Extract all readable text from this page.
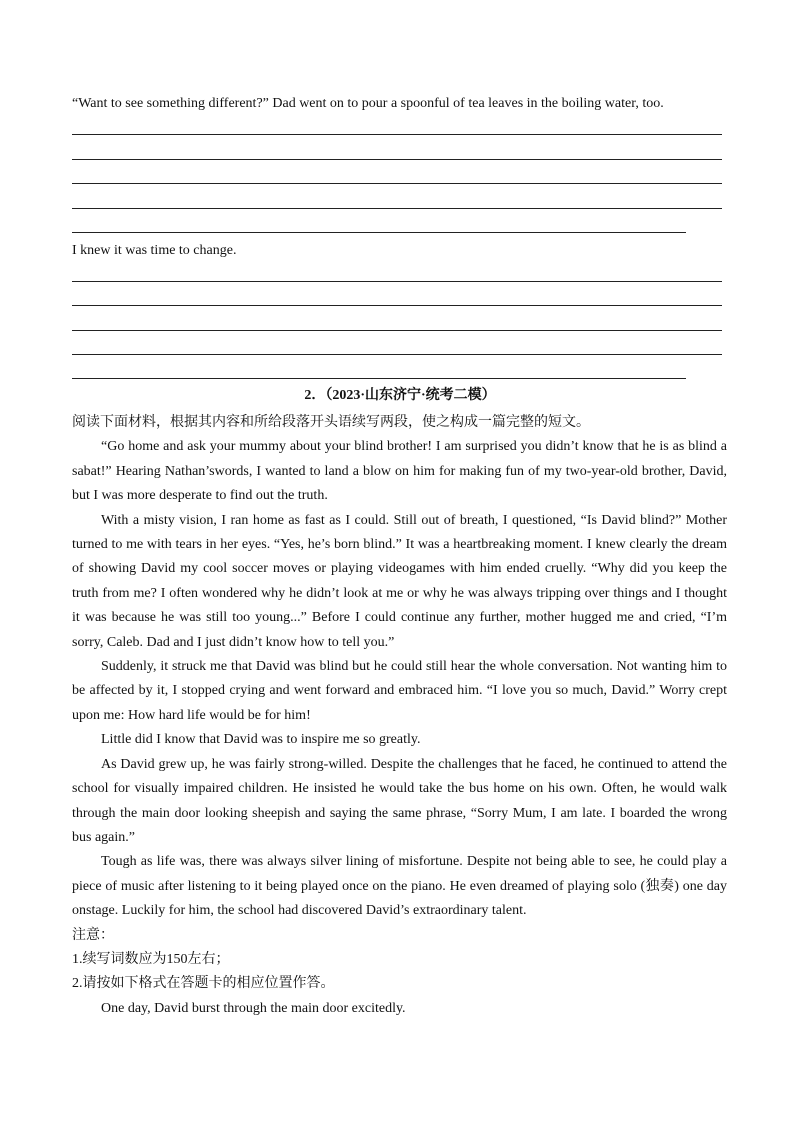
“Want to see something different?” Dad went on to pour a spoonful of tea leaves in the boiling water, too.
I knew it was time to change.
2．（2023·山东济宁·统考二模）

阅读下面材料，根据其内容和所给段落开头语续写两段，使之构成一篇完整的短文。

“Go home and ask your mummy about your blind brother! I am surprised you didn’t know that he is as blind a sabat!” Hearing Nathan’swords, I wanted to land a blow on him for making fun of my two-year-old brother, David, but I was more desperate to find out the truth.

With a misty vision, I ran home as fast as I could. Still out of breath, I questioned, “Is David blind?” Mother turned to me with tears in her eyes. “Yes, he’s born blind.” It was a heartbreaking moment. I knew clearly the dream of showing David my cool soccer moves or playing videogames with him ended cruelly. “Why did you keep the truth from me? I often wondered why he didn’t look at me or why he was always tripping over things and I thought it was because he was still too young...” Before I could continue any further, mother hugged me and cried, “I’m sorry, Caleb. Dad and I just didn’t know how to tell you.”

Suddenly, it struck me that David was blind but he could still hear the whole conversation. Not wanting him to be affected by it, I stopped crying and went forward and embraced him. “I love you so much, David.” Worry crept upon me: How hard life would be for him!

Little did I know that David was to inspire me so greatly.

As David grew up, he was fairly strong-willed. Despite the challenges that he faced, he continued to attend the school for visually impaired children. He insisted he would take the bus home on his own. Often, he would walk through the main door looking sheepish and saying the same phrase, “Sorry Mum, I am late. I boarded the wrong bus again.”

Tough as life was, there was always silver lining of misfortune. Despite not being able to see, he could play a piece of music after listening to it being played once on the piano. He even dreamed of playing solo (独奏) one day onstage. Luckily for him, the school had discovered David’s extraordinary talent.

注意：

1.续写词数应为150左右；

2.请按如下格式在答题卡的相应位置作答。

One day, David burst through the main door excitedly.
